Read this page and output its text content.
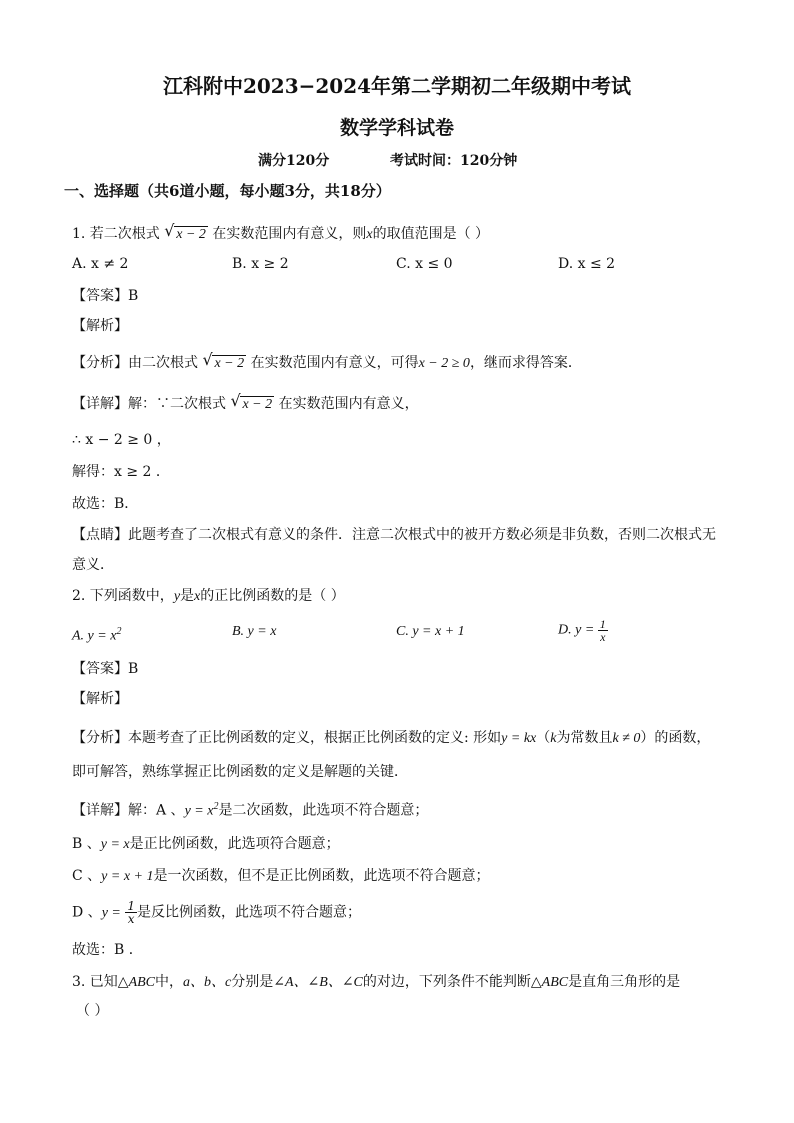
江科附中2023−2024年第二学期初二年级期中考试
数学学科试卷
满分120分	考试时间：120分钟
一、选择题（共6道小题，每小题3分，共18分）
1. 若二次根式 √ x − 2 在实数范围内有意义，则x的取值范围是（ ）
A. x ≠ 2	B. x ≥ 2	C. x ≤ 0	D. x ≤ 2
【答案】B
【解析】
【分析】由二次根式 √ x − 2 在实数范围内有意义，可得x − 2 ≥ 0，继而求得答案．
【详解】解：∵二次根式 √ x − 2 在实数范围内有意义，
∴ x − 2 ≥ 0 ，
解得：x ≥ 2 ．
故选：B．
【点睛】此题考查了二次根式有意义的条件．注意二次根式中的被开方数必须是非负数，否则二次根式无
意义．
2. 下列函数中，y是x的正比例函数的是（ ）
A. $y = x^2$	B. y = x	C. y = x + 1	D. $y = \frac{1}{x}$
【答案】B
【解析】
【分析】本题考查了正比例函数的定义，根据正比例函数的定义: 形如y = kx（k为常数且k ≠ 0）的函数，
即可解答，熟练掌握正比例函数的定义是解题的关键．
【详解】解：A 、$y = x^2$是二次函数，此选项不符合题意；
B 、y = x是正比例函数，此选项符合题意；
C 、y = x + 1是一次函数，但不是正比例函数，此选项不符合题意；
D 、$y = \frac{1}{x}$ 是反比例函数，此选项不符合题意；
故选：B ．
3. 已知△ABC中，a、b、c分别是∠A、∠B、∠C的对边，下列条件不能判断△ABC是直角三角形的是
（ ）
